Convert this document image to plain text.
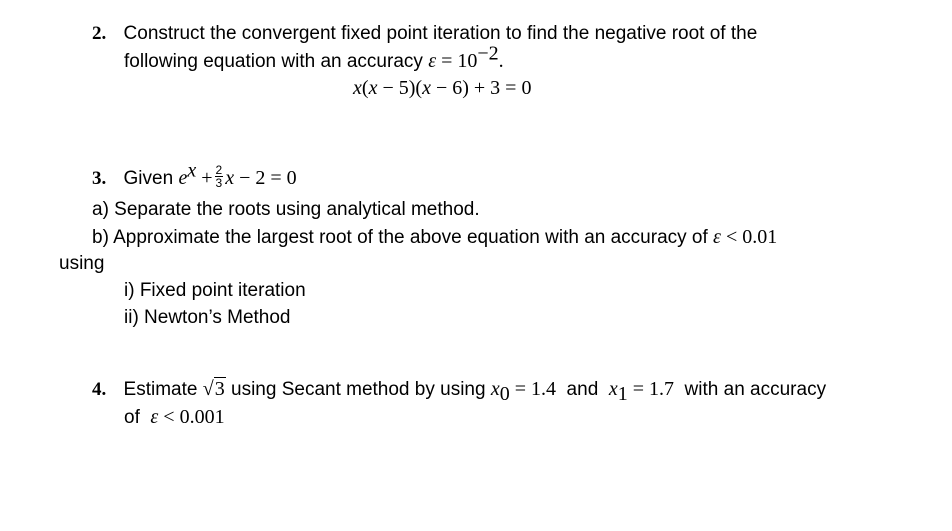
2. Construct the convergent fixed point iteration to find the negative root of the
following equation with an accuracy $\varepsilon = 10^{-2}$.
x(x − 5)(x − 6) + 3 = 0
3. Given $e^x + \frac{2}{3}$ x − 2 = 0
a) Separate the roots using analytical method.
b) Approximate the largest root of the above equation with an accuracy of ε < 0.01
using
i) Fixed point iteration
ii) Newton’s Method
4. Estimate √3 using Secant method by using $x_0 = 1.4$  and  $x_1 = 1.7$  with an accuracy
of  ε < 0.001
